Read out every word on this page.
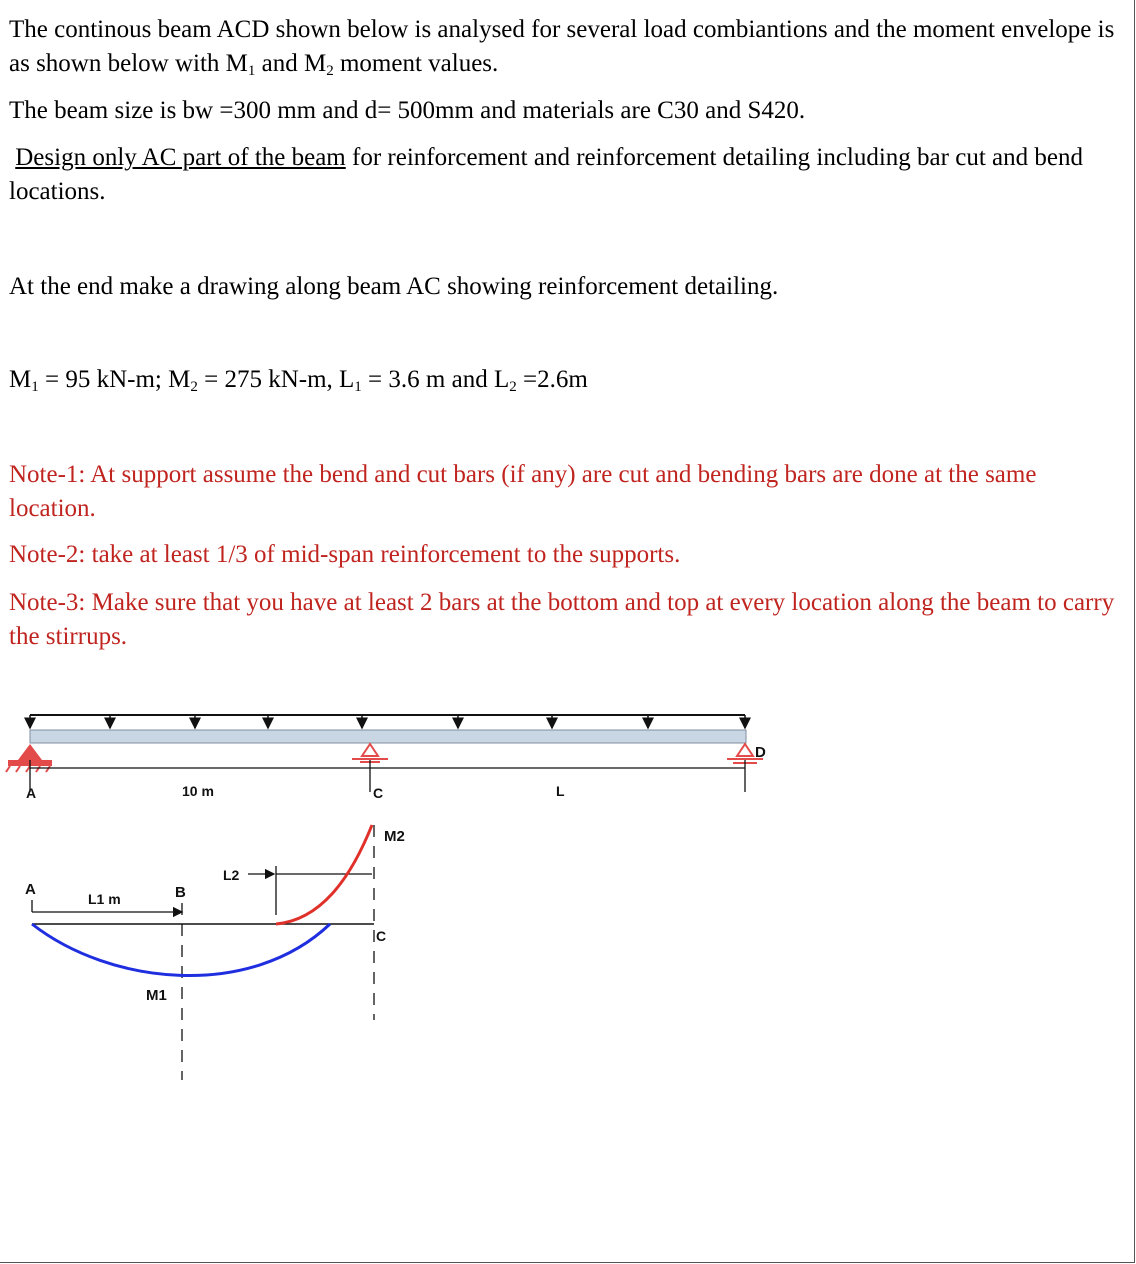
The continous beam ACD shown below is analysed for several load combiantions and the moment envelope is as shown below with $M_1$ and $M_2$ moment values.
The beam size is bw =300 mm and d= 500mm and materials are C30 and S420.
Design only AC part of the beam for reinforcement and reinforcement detailing including bar cut and bend locations.
At the end make a drawing along beam AC showing reinforcement detailing.
$M_1 = 95$ kN-m; $M_2 = 275$ kN-m, $L_1 = 3.6$ m and $L_2 =2.6m$
Note-1: At support assume the bend and cut bars (if any) are cut and bending bars are done at the same location.
Note-2: take at least 1/3 of mid-span reinforcement to the supports.
Note-3: Make sure that you have at least 2 bars at the bottom and top at every location along the beam to carry the stirrups.
A	10 m	C	L
D
A
L1 m	B
L2
M2
C
M1
